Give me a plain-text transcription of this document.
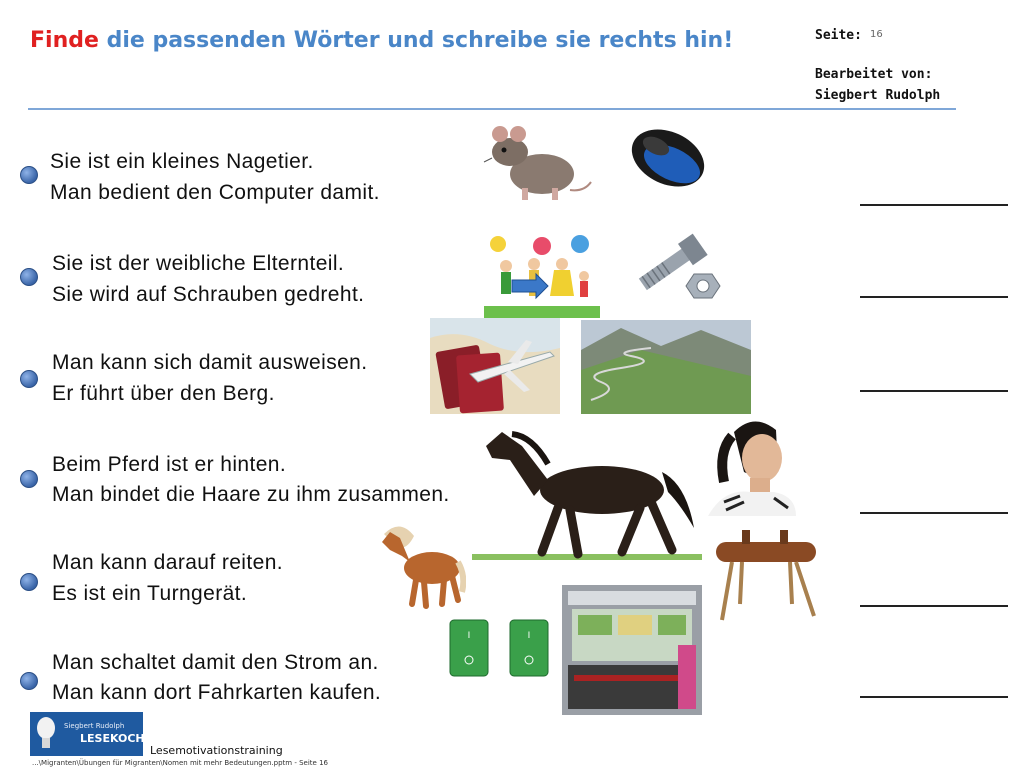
Finde die passenden Wörter und schreibe sie rechts hin!	Seite: 16
Bearbeitet von:
Siegbert Rudolph
Sie ist ein kleines Nagetier.
Man bedient den Computer damit.
Sie ist der weibliche Elternteil.
Sie wird auf Schrauben gedreht.
Man kann sich damit ausweisen.
Er führt über den Berg.
Beim Pferd ist er hinten.
Man bindet die Haare zu ihm zusammen.
Man kann darauf reiten.
Es ist ein Turngerät.
Man schaltet damit den Strom an.
Man kann dort Fahrkarten kaufen.
I	I
Siegbert Rudolph
LESEKOCH
Lesemotivationstraining
...\Migranten\Übungen für Migranten\Nomen mit mehr Bedeutungen.pptm - Seite 16
